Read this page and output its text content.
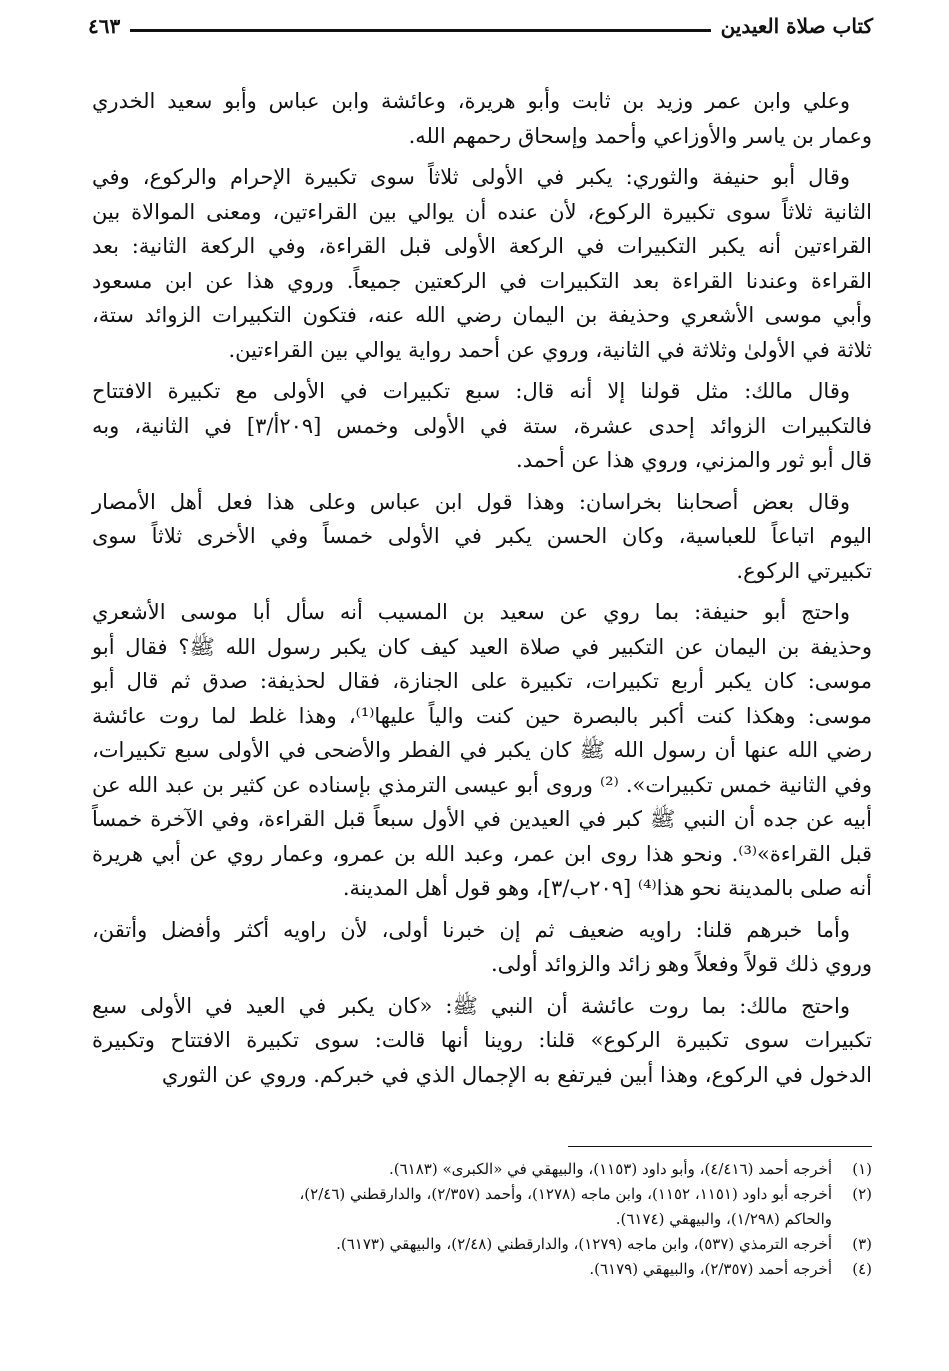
كتاب صلاة العيدين
٤٦٣
وعلي وابن عمر وزيد بن ثابت وأبو هريرة، وعائشة وابن عباس وأبو سعيد الخدري
وعمار بن ياسر والأوزاعي وأحمد وإسحاق رحمهم الله.
وقال أبو حنيفة والثوري: يكبر في الأولى ثلاثاً سوى تكبيرة الإحرام والركوع، وفي
الثانية ثلاثاً سوى تكبيرة الركوع، لأن عنده أن يوالي بين القراءتين، ومعنى الموالاة بين
القراءتين أنه يكبر التكبيرات في الركعة الأولى قبل القراءة، وفي الركعة الثانية: بعد
القراءة وعندنا القراءة بعد التكبيرات في الركعتين جميعاً. وروي هذا عن ابن مسعود
وأبي موسى الأشعري وحذيفة بن اليمان رضي الله عنه، فتكون التكبيرات الزوائد ستة،
ثلاثة في الأولىٰ وثلاثة في الثانية، وروي عن أحمد رواية يوالي بين القراءتين.
وقال مالك: مثل قولنا إلا أنه قال: سبع تكبيرات في الأولى مع تكبيرة الافتتاح
فالتكبيرات الزوائد إحدى عشرة، ستة في الأولى وخمس [٢٠٩أ/٣] في الثانية، وبه
قال أبو ثور والمزني، وروي هذا عن أحمد.
وقال بعض أصحابنا بخراسان: وهذا قول ابن عباس وعلى هذا فعل أهل الأمصار
اليوم اتباعاً للعباسية، وكان الحسن يكبر في الأولى خمساً وفي الأخرى ثلاثاً سوى
تكبيرتي الركوع.
واحتج أبو حنيفة: بما روي عن سعيد بن المسيب أنه سأل أبا موسى الأشعري
وحذيفة بن اليمان عن التكبير في صلاة العيد كيف كان يكبر رسول الله ﷺ؟ فقال أبو
موسى: كان يكبر أربع تكبيرات، تكبيرة على الجنازة، فقال لحذيفة: صدق ثم قال أبو
موسى: وهكذا كنت أكبر بالبصرة حين كنت والياً عليها⁽¹⁾، وهذا غلط لما روت عائشة
رضي الله عنها أن رسول الله ﷺ كان يكبر في الفطر والأضحى في الأولى سبع تكبيرات،
وفي الثانية خمس تكبيرات». ⁽²⁾ وروى أبو عيسى الترمذي بإسناده عن كثير بن عبد الله عن
أبيه عن جده أن النبي ﷺ كبر في العيدين في الأول سبعاً قبل القراءة، وفي الآخرة خمساً
قبل القراءة»⁽³⁾. ونحو هذا روى ابن عمر، وعبد الله بن عمرو، وعمار روي عن أبي هريرة
أنه صلى بالمدينة نحو هذا⁽⁴⁾ [٢٠٩ب/٣]، وهو قول أهل المدينة.
وأما خبرهم قلنا: راويه ضعيف ثم إن خبرنا أولى، لأن راويه أكثر وأفضل وأتقن،
وروي ذلك قولاً وفعلاً وهو زائد والزوائد أولى.
واحتج مالك: بما روت عائشة أن النبي ﷺ: «كان يكبر في العيد في الأولى سبع
تكبيرات سوى تكبيرة الركوع» قلنا: روينا أنها قالت: سوى تكبيرة الافتتاح وتكبيرة
الدخول في الركوع، وهذا أبين فيرتفع به الإجمال الذي في خبركم. وروي عن الثوري
(١)
أخرجه أحمد (٤/٤١٦)، وأبو داود (١١٥٣)، والبيهقي في «الكبرى» (٦١٨٣).
(٢)
أخرجه أبو داود (١١٥١، ١١٥٢)، وابن ماجه (١٢٧٨)، وأحمد (٢/٣٥٧)، والدارقطني (٢/٤٦)،
والحاكم (١/٢٩٨)، والبيهقي (٦١٧٤).
(٣)
أخرجه الترمذي (٥٣٧)، وابن ماجه (١٢٧٩)، والدارقطني (٢/٤٨)، والبيهقي (٦١٧٣).
(٤)
أخرجه أحمد (٢/٣٥٧)، والبيهقي (٦١٧٩).
